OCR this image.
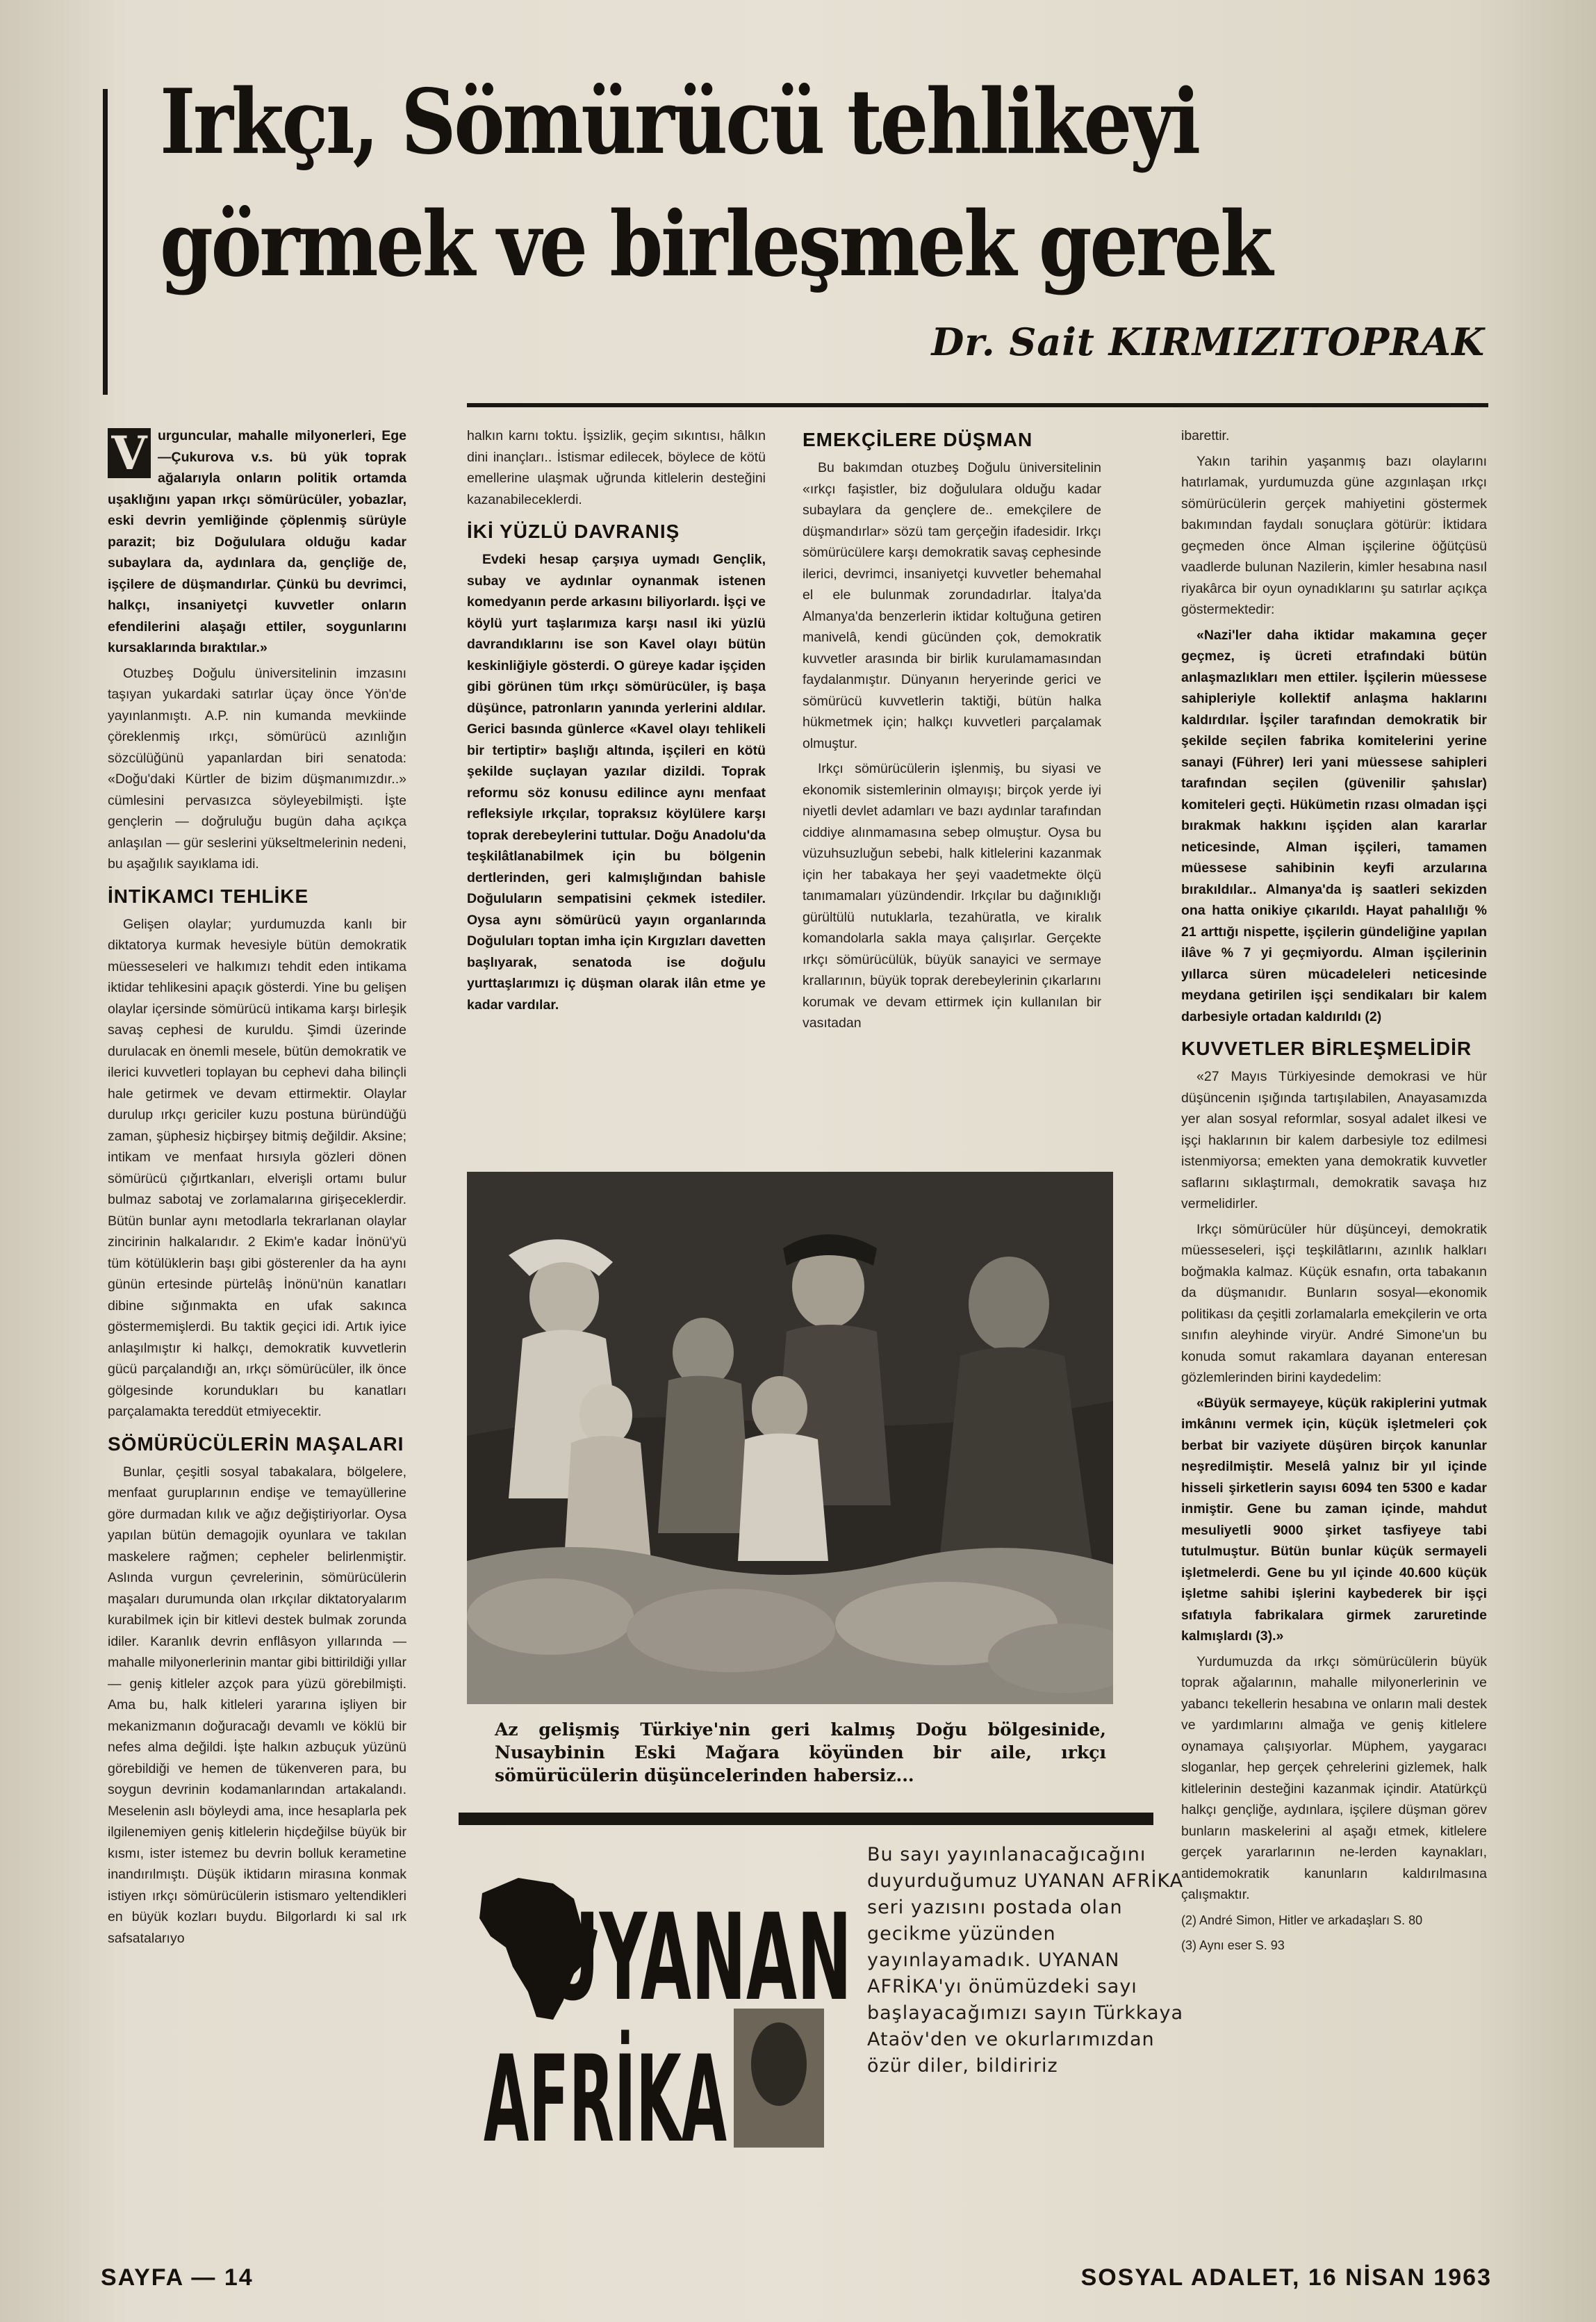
Irkçı, Sömürücü tehlikeyi
görmek ve birleşmek gerek
Dr. Sait KIRMIZITOPRAK

V urguncular, mahalle milyonerleri, Ege—Çukurova v.s. bü yük toprak ağalarıyla onların politik ortamda uşaklığını yapan ırkçı sömürücüler, yobazlar, eski devrin yemliğinde çöplenmiş sürüyle parazit; biz Doğululara olduğu kadar subaylara da, aydınlara da, gençliğe de, işçilere de düşmandırlar. Çünkü bu devrimci, halkçı, insaniyetçi kuvvetler onların efendilerini alaşağı ettiler, soygunlarını kursaklarında bıraktılar.»

Otuzbeş Doğulu üniversitelinin imzasını taşıyan yukardaki satırlar üçay önce Yön'de yayınlanmıştı. A.P. nin kumanda mevkiinde çöreklenmiş ırkçı, sömürücü azınlığın sözcülüğünü yapanlardan biri senatoda: «Doğu'daki Kürtler de bizim düşmanımızdır..» cümlesini pervasızca söyleyebilmişti. İşte gençlerin — doğruluğu bugün daha açıkça anlaşılan — gür seslerini yükseltmelerinin nedeni, bu aşağılık sayıklama idi.

İNTİKAMCI TEHLİKE

Gelişen olaylar; yurdumuzda kanlı bir diktatorya kurmak hevesiyle bütün demokratik müesseseleri ve halkımızı tehdit eden intikama iktidar tehlikesini apaçık gösterdi. Yine bu gelişen olaylar içersinde sömürücü intikama karşı birleşik savaş cephesi de kuruldu. Şimdi üzerinde durulacak en önemli mesele, bütün demokratik ve ilerici kuvvetleri toplayan bu cephevi daha bilinçli hale getirmek ve devam ettirmektir. Olaylar durulup ırkçı gericiler kuzu postuna büründüğü zaman, şüphesiz hiçbirşey bitmiş değildir. Aksine; intikam ve menfaat hırsıyla gözleri dönen sömürücü çığırtkanları, elverişli ortamı bulur bulmaz sabotaj ve zorlamalarına girişeceklerdir. Bütün bunlar aynı metodlarla tekrarlanan olaylar zincirinin halkalarıdır. 2 Ekim'e kadar İnönü'yü tüm kötülüklerin başı gibi gösterenler da ha aynı günün ertesinde pürtelâş İnönü'nün kanatları dibine sığınmakta en ufak sakınca göstermemişlerdi. Bu taktik geçici idi. Artık iyice anlaşılmıştır ki halkçı, demokratik kuvvetlerin gücü parçalandığı an, ırkçı sömürücüler, ilk önce gölgesinde korundukları bu kanatları parçalamakta tereddüt etmiyecektir.

SÖMÜRÜCÜLERİN MAŞALARI

Bunlar, çeşitli sosyal tabakalara, bölgelere, menfaat guruplarının endişe ve temayüllerine göre durmadan kılık ve ağız değiştiriyorlar. Oysa yapılan bütün demagojik oyunlara ve takılan maskelere rağmen; cepheler belirlenmiştir. Aslında vurgun çevrelerinin, sömürücülerin maşaları durumunda olan ırkçılar diktatoryalarım kurabilmek için bir kitlevi destek bulmak zorunda idiler. Karanlık devrin enflâsyon yıllarında — mahalle milyonerlerinin mantar gibi bittirildiği yıllar — geniş kitleler azçok para yüzü görebilmişti. Ama bu, halk kitleleri yararına işliyen bir mekanizmanın doğuracağı devamlı ve köklü bir nefes alma değildi. İşte halkın azbuçuk yüzünü görebildiği ve hemen de tükenveren para, bu soygun devrinin kodamanlarından artakalandı. Meselenin aslı böyleydi ama, ince hesaplarla pek ilgilenemiyen geniş kitlelerin hiçdeğilse büyük bir kısmı, ister istemez bu devrin bolluk kerametine inandırılmıştı. Düşük iktidarın mirasına konmak istiyen ırkçı sömürücülerin istismaro yeltendikleri en büyük kozları buydu. Bilgorlardı ki sal ırk safsatalarıyo

halkın karnı toktu. İşsizlik, geçim sıkıntısı, hâlkın dini inançları.. İstismar edilecek, böylece de kötü emellerine ulaşmak uğrunda kitlelerin desteğini kazanabileceklerdi.

İKİ YÜZLÜ DAVRANIŞ

Evdeki hesap çarşıya uymadı Gençlik, subay ve aydınlar oynanmak istenen komedyanın perde arkasını biliyorlardı. İşçi ve köylü yurt taşlarımıza karşı nasıl iki yüzlü davrandıklarını ise son Kavel olayı bütün keskinliğiyle gösterdi. O güreye kadar işçiden gibi görünen tüm ırkçı sömürücüler, iş başa düşünce, patronların yanında yerlerini aldılar. Gerici basında günlerce «Kavel olayı tehlikeli bir tertiptir» başlığı altında, işçileri en kötü şekilde suçlayan yazılar dizildi. Toprak reformu söz konusu edilince aynı menfaat refleksiyle ırkçılar, topraksız köylülere karşı toprak derebeylerini tuttular. Doğu Anadolu'da teşkilâtlanabilmek için bu bölgenin dertlerinden, geri kalmışlığından bahisle Doğuluların sempatisini çekmek istediler. Oysa aynı sömürücü yayın organlarında Doğuluları toptan imha için Kırgızları davetten başlıyarak, senatoda ise doğulu yurttaşlarımızı iç düşman olarak ilân etme ye kadar vardılar.

EMEKÇİLERE DÜŞMAN

Bu bakımdan otuzbeş Doğulu üniversitelinin «ırkçı faşistler, biz doğululara olduğu kadar subaylara da gençlere de.. emekçilere de düşmandırlar» sözü tam gerçeğin ifadesidir. Irkçı sömürücülere karşı demokratik savaş cephesinde ilerici, devrimci, insaniyetçi kuvvetler behemahal el ele bulunmak zorundadırlar. İtalya'da Almanya'da benzerlerin iktidar koltuğuna getiren manivelâ, kendi gücünden çok, demokratik kuvvetler arasında bir birlik kurulamamasından faydalanmıştır. Dünyanın heryerinde gerici ve sömürücü kuvvetlerin taktiği, bütün halka hükmetmek için; halkçı kuvvetleri parçalamak olmuştur.

Irkçı sömürücülerin işlenmiş, bu siyasi ve ekonomik sistemlerinin olmayışı; birçok yerde iyi niyetli devlet adamları ve bazı aydınlar tarafından ciddiye alınmamasına sebep olmuştur. Oysa bu vüzuhsuzluğun sebebi, halk kitlelerini kazanmak için her tabakaya her şeyi vaadetmekte ölçü tanımamaları yüzündendir. Irkçılar bu dağınıklığı gürültülü nutuklarla, tezahüratla, ve kiralık komandolarla sakla maya çalışırlar. Gerçekte ırkçı sömürücülük, büyük sanayici ve sermaye krallarının, büyük toprak derebeylerinin çıkarlarını korumak ve devam ettirmek için kullanılan bir vasıtadan

ibarettir.

Yakın tarihin yaşanmış bazı olaylarını hatırlamak, yurdumuzda güne azgınlaşan ırkçı sömürücülerin gerçek mahiyetini göstermek bakımından faydalı sonuçlara götürür: İktidara geçmeden önce Alman işçilerine öğütçüsü vaadlerde bulunan Nazilerin, kimler hesabına nasıl riyakârca bir oyun oynadıklarını şu satırlar açıkça göstermektedir:

«Nazi'ler daha iktidar makamına geçer geçmez, iş ücreti etrafındaki bütün anlaşmazlıkları men ettiler. İşçilerin müessese sahipleriyle kollektif anlaşma haklarını kaldırdılar. İşçiler tarafından demokratik bir şekilde seçilen fabrika komitelerini yerine sanayi (Führer) leri yani müessese sahipleri tarafından seçilen (güvenilir şahıslar) komiteleri geçti. Hükümetin rızası olmadan işçi bırakmak hakkını işçiden alan kararlar neticesinde, Alman işçileri, tamamen müessese sahibinin keyfi arzularına bırakıldılar.. Almanya'da iş saatleri sekizden ona hatta onikiye çıkarıldı. Hayat pahalılığı % 21 arttığı nispette, işçilerin gündeliğine yapılan ilâve % 7 yi geçmiyordu. Alman işçilerinin yıllarca süren mücadeleleri neticesinde meydana getirilen işçi sendikaları bir kalem darbesiyle ortadan kaldırıldı (2)

KUVVETLER BİRLEŞMELİDİR

«27 Mayıs Türkiyesinde demokrasi ve hür düşüncenin ışığında tartışılabilen, Anayasamızda yer alan sosyal reformlar, sosyal adalet ilkesi ve işçi haklarının bir kalem darbesiyle toz edilmesi istenmiyorsa; emekten yana demokratik kuvvetler saflarını sıklaştırmalı, demokratik savaşa hız vermelidirler.

Irkçı sömürücüler hür düşünceyi, demokratik müesseseleri, işçi teşkilâtlarını, azınlık halkları boğmakla kalmaz. Küçük esnafın, orta tabakanın da düşmanıdır. Bunların sosyal—ekonomik politikası da çeşitli zorlamalarla emekçilerin ve orta sınıfın aleyhinde viryür. André Simone'un bu konuda somut rakamlara dayanan enteresan gözlemlerinden birini kaydedelim:

«Büyük sermayeye, küçük rakiplerini yutmak imkânını vermek için, küçük işletmeleri çok berbat bir vaziyete düşüren birçok kanunlar neşredilmiştir. Meselâ yalnız bir yıl içinde hisseli şirketlerin sayısı 6094 ten 5300 e kadar inmiştir. Gene bu zaman içinde, mahdut mesuliyetli 9000 şirket tasfiyeye tabi tutulmuştur. Bütün bunlar küçük sermayeli işletmelerdi. Gene bu yıl içinde 40.600 küçük işletme sahibi işlerini kaybederek bir işçi sıfatıyla fabrikalara girmek zaruretinde kalmışlardı (3).»

Yurdumuzda da ırkçı sömürücülerin büyük toprak ağalarının, mahalle milyonerlerinin ve yabancı tekellerin hesabına ve onların mali destek ve yardımlarını almağa ve geniş kitlelere oynamaya çalışıyorlar. Müphem, yaygaracı sloganlar, hep gerçek çehrelerini gizlemek, halk kitlelerinin desteğini kazanmak içindir. Atatürkçü halkçı gençliğe, aydınlara, işçilere düşman görev bunların maskelerini al aşağı etmek, kitlelere gerçek yararlarının ne-lerden kaynakları, antidemokratik kanunların kaldırılmasına çalışmaktır.

(2) André Simon, Hitler ve arkadaşları S. 80

(3) Aynı eser S. 93

Az gelişmiş Türkiye'nin geri kalmış Doğu bölgesinide, Nusaybinin Eski Mağara köyünden bir aile, ırkçı sömürücülerin düşüncelerinden habersiz...
UYANAN
AFRİKA
Bu sayı yayınlanacağıcağını duyurduğumuz UYANAN AFRİKA seri yazısını postada olan gecikme yüzünden yayınlayamadık. UYANAN AFRİKA'yı önümüzdeki sayı başlayacağımızı sayın Türkkaya Ataöv'den ve okurlarımızdan özür diler, bildiririz
SAYFA — 14	SOSYAL ADALET, 16 NİSAN 1963
